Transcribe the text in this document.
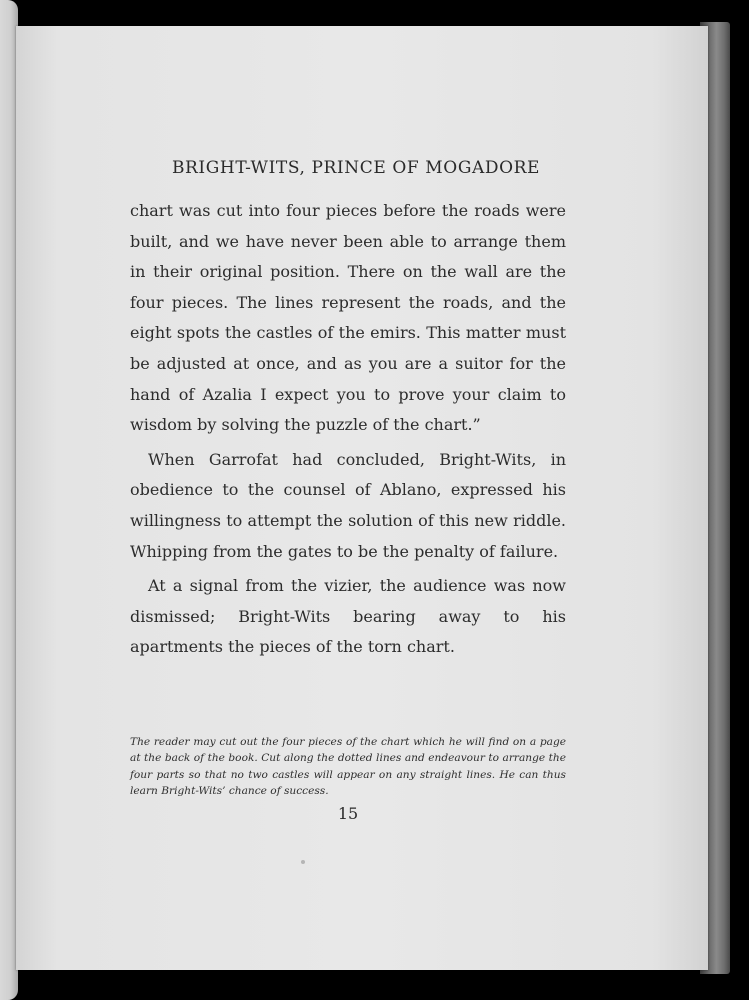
BRIGHT-WITS, PRINCE OF MOGADORE

chart was cut into four pieces before the roads were built, and we have never been able to arrange them in their original position. There on the wall are the four pieces. The lines represent the roads, and the eight spots the castles of the emirs. This matter must be adjusted at once, and as you are a suitor for the hand of Azalia I expect you to prove your claim to wisdom by solving the puzzle of the chart.”

When Garrofat had concluded, Bright-Wits, in obedience to the counsel of Ablano, expressed his willingness to attempt the solution of this new riddle. Whipping from the gates to be the penalty of failure.

At a signal from the vizier, the audience was now dismissed; Bright-Wits bearing away to his apartments the pieces of the torn chart.

The reader may cut out the four pieces of the chart which he will find on a page at the back of the book. Cut along the dotted lines and endeavour to arrange the four parts so that no two castles will appear on any straight lines. He can thus learn Bright-Wits’ chance of success.

15
